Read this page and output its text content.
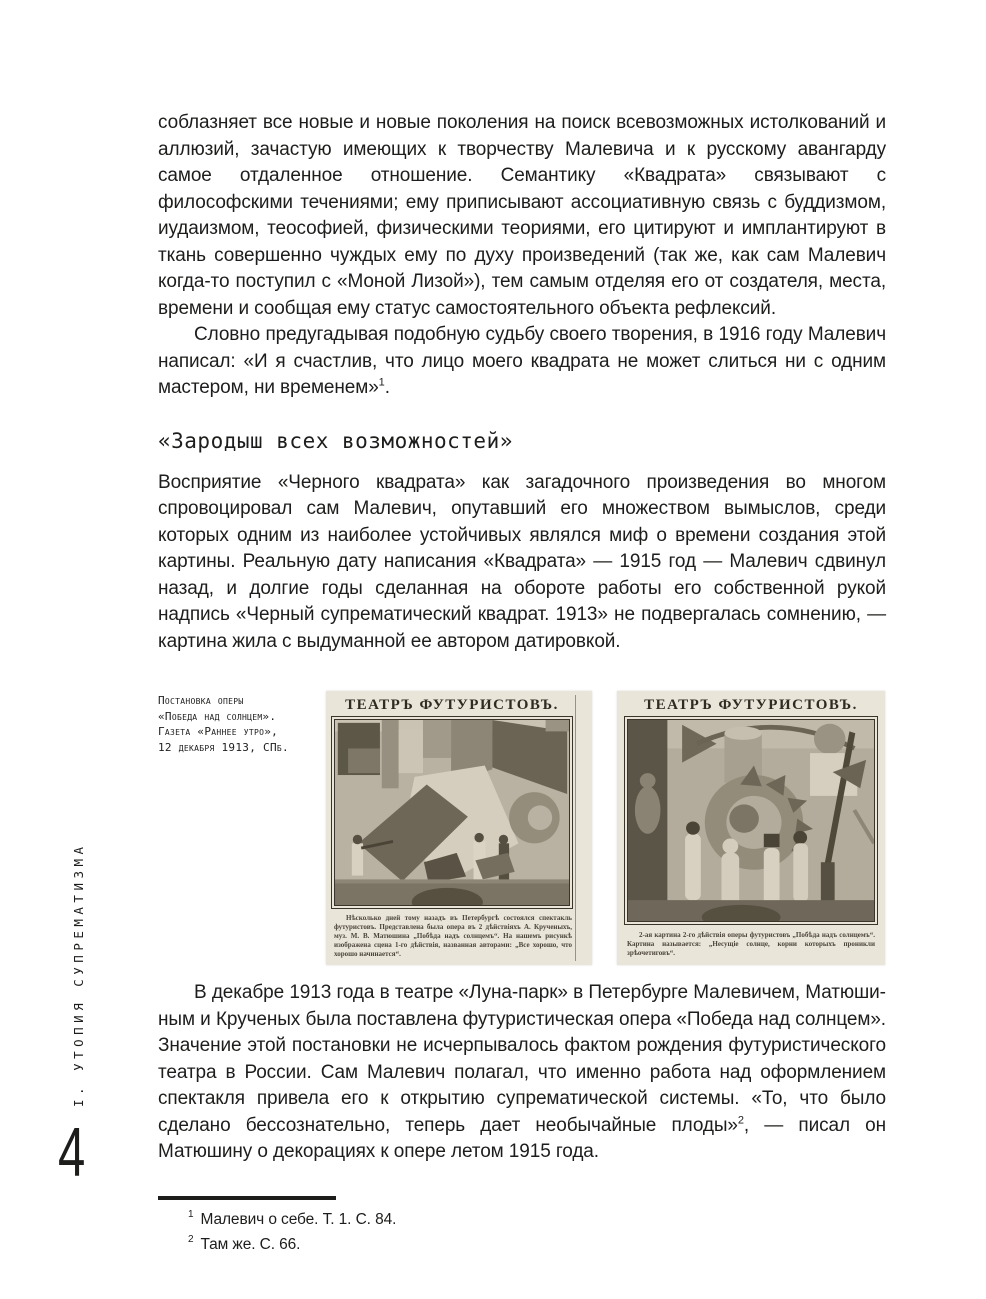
І. УТОПИЯ СУПРЕМАТИЗМА
4

соблазняет все новые и новые поколения на поиск всевозможных истолкований и аллюзий, зачастую имеющих к творчеству Малевича и к русскому авангарду самое отдаленное отношение. Семантику «Квадрата» связывают с философскими течениями; ему приписывают ассоциативную связь с буддизмом, иудаизмом, теософией, физическими теориями, его цитируют и имплантируют в ткань совершенно чуждых ему по духу произведений (так же, как сам Малевич когда-то поступил с «Моной Лизой»), тем самым отделяя его от создателя, места, времени и сообщая ему статус самостоятельного объекта рефлексий.

Словно предугадывая подобную судьбу своего творения, в 1916 году Малевич написал: «И я счастлив, что лицо моего квадрата не может слиться ни с одним мастером, ни временем»$^1$.

«Зародыш всех возможностей»

Восприятие «Черного квадрата» как загадочного произведения во многом спровоцировал сам Малевич, опутавший его множеством вымыслов, среди которых одним из наиболее устойчивых являлся миф о времени создания этой картины. Реальную дату написания «Квадрата» — 1915 год — Малевич сдвинул назад, и долгие годы сделанная на обороте работы его собственной рукой надпись «Черный супрематический квадрат. 1913» не подвергалась сомнению, — картина жила с выдуманной ее автором датировкой.

Постановка оперы
«Победа над солнцем».
Газета «Раннее утро»,
12 декабря 1913, СПб.
ТЕАТРЪ ФУТУРИСТОВЪ.
Нѣсколько дней тому назадъ въ Петербургѣ состоялся спектакль футуристовъ. Представлена была опера въ 2 дѣйствіяхъ А. Крученыхъ, муз. М. В. Матюшина „Побѣда надъ солнцемъ“. На нашемъ рисункѣ изображена сцена 1-го дѣйствія, названная авторами: „Все хорошо, что хорошо начинается“.
ТЕАТРЪ ФУТУРИСТОВЪ.
2-ая картина 2-го дѣйствія оперы футуристовъ „Побѣда надъ солнцемъ“. Картина называется: „Несущіе солнце, корни которыхъ проникли зрѣочетиговъ“.

В декабре 1913 года в театре «Луна-парк» в Петербурге Малевичем, Матюшиным и Крученых была поставлена футуристическая опера «Победа над солнцем». Значение этой постановки не исчерпывалось фактом рождения футуристического театра в России. Сам Малевич полагал, что именно работа над оформлением спектакля привела его к открытию супрематической системы. «То, что было сделано бессознательно, теперь дает необычайные плоды»$^2$, — писал он Матюшину о декорациях к опере летом 1915 года.

$^1$ Малевич о себе. Т. 1. С. 84.
$^2$ Там же. С. 66.
